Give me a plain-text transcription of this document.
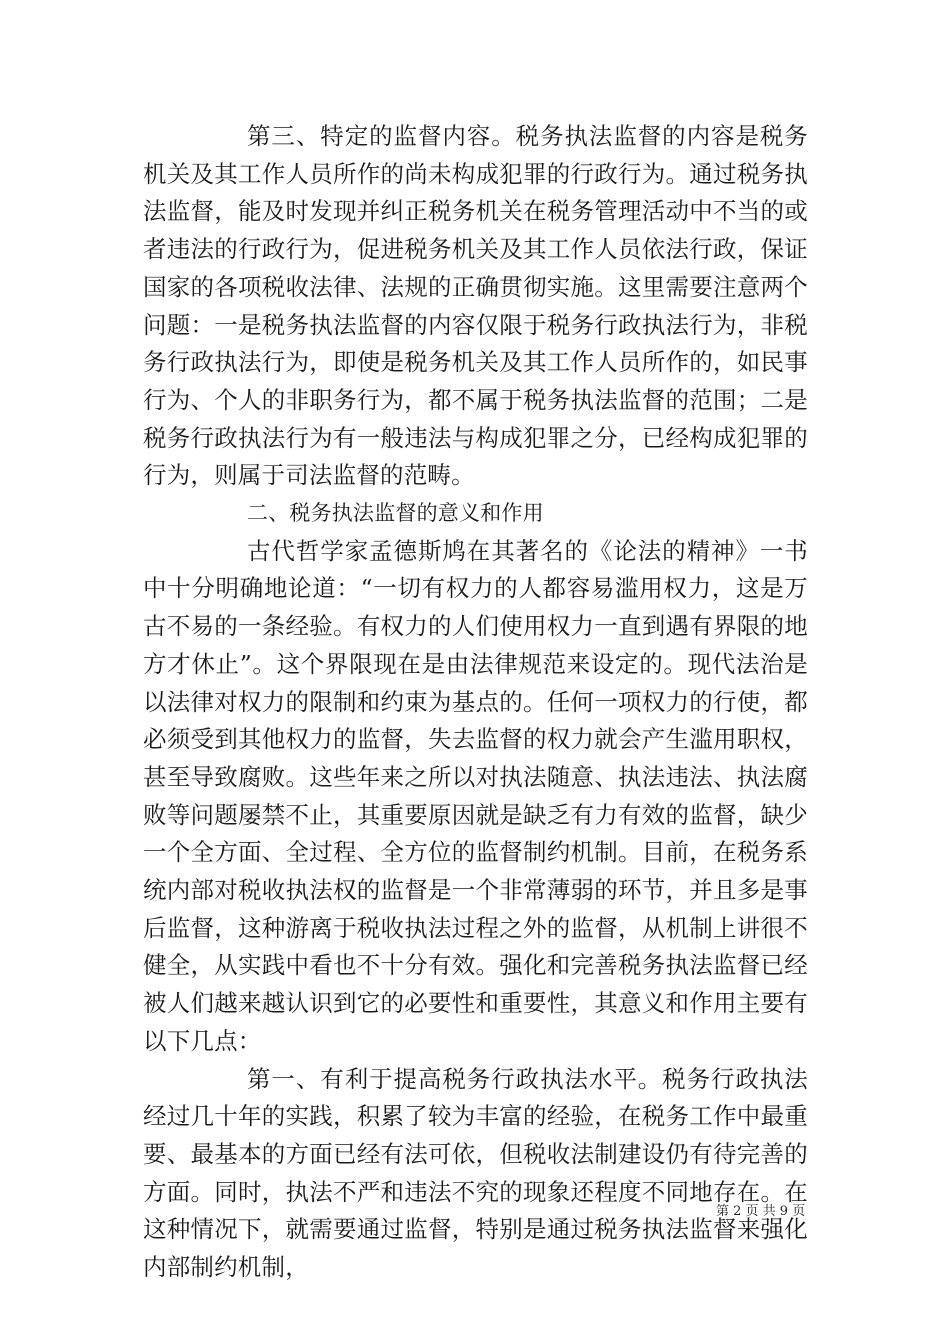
第三、特定的监督内容。税务执法监督的内容是税务机关及其工作人员所作的尚未构成犯罪的行政行为。通过税务执法监督，能及时发现并纠正税务机关在税务管理活动中不当的或者违法的行政行为，促进税务机关及其工作人员依法行政，保证国家的各项税收法律、法规的正确贯彻实施。这里需要注意两个问题：一是税务执法监督的内容仅限于税务行政执法行为，非税务行政执法行为，即使是税务机关及其工作人员所作的，如民事行为、个人的非职务行为，都不属于税务执法监督的范围；二是税务行政执法行为有一般违法与构成犯罪之分，已经构成犯罪的行为，则属于司法监督的范畴。

二、税务执法监督的意义和作用

古代哲学家孟德斯鸠在其著名的《论法的精神》一书中十分明确地论道：“一切有权力的人都容易滥用权力，这是万古不易的一条经验。有权力的人们使用权力一直到遇有界限的地方才休止”。这个界限现在是由法律规范来设定的。现代法治是以法律对权力的限制和约束为基点的。任何一项权力的行使，都必须受到其他权力的监督，失去监督的权力就会产生滥用职权，甚至导致腐败。这些年来之所以对执法随意、执法违法、执法腐败等问题屡禁不止，其重要原因就是缺乏有力有效的监督，缺少一个全方面、全过程、全方位的监督制约机制。目前，在税务系统内部对税收执法权的监督是一个非常薄弱的环节，并且多是事后监督，这种游离于税收执法过程之外的监督，从机制上讲很不健全，从实践中看也不十分有效。强化和完善税务执法监督已经被人们越来越认识到它的必要性和重要性，其意义和作用主要有以下几点：

第一、有利于提高税务行政执法水平。税务行政执法经过几十年的实践，积累了较为丰富的经验，在税务工作中最重要、最基本的方面已经有法可依，但税收法制建设仍有待完善的方面。同时，执法不严和违法不究的现象还程度不同地存在。在这种情况下，就需要通过监督，特别是通过税务执法监督来强化内部制约机制，

第 2 页 共 9 页
